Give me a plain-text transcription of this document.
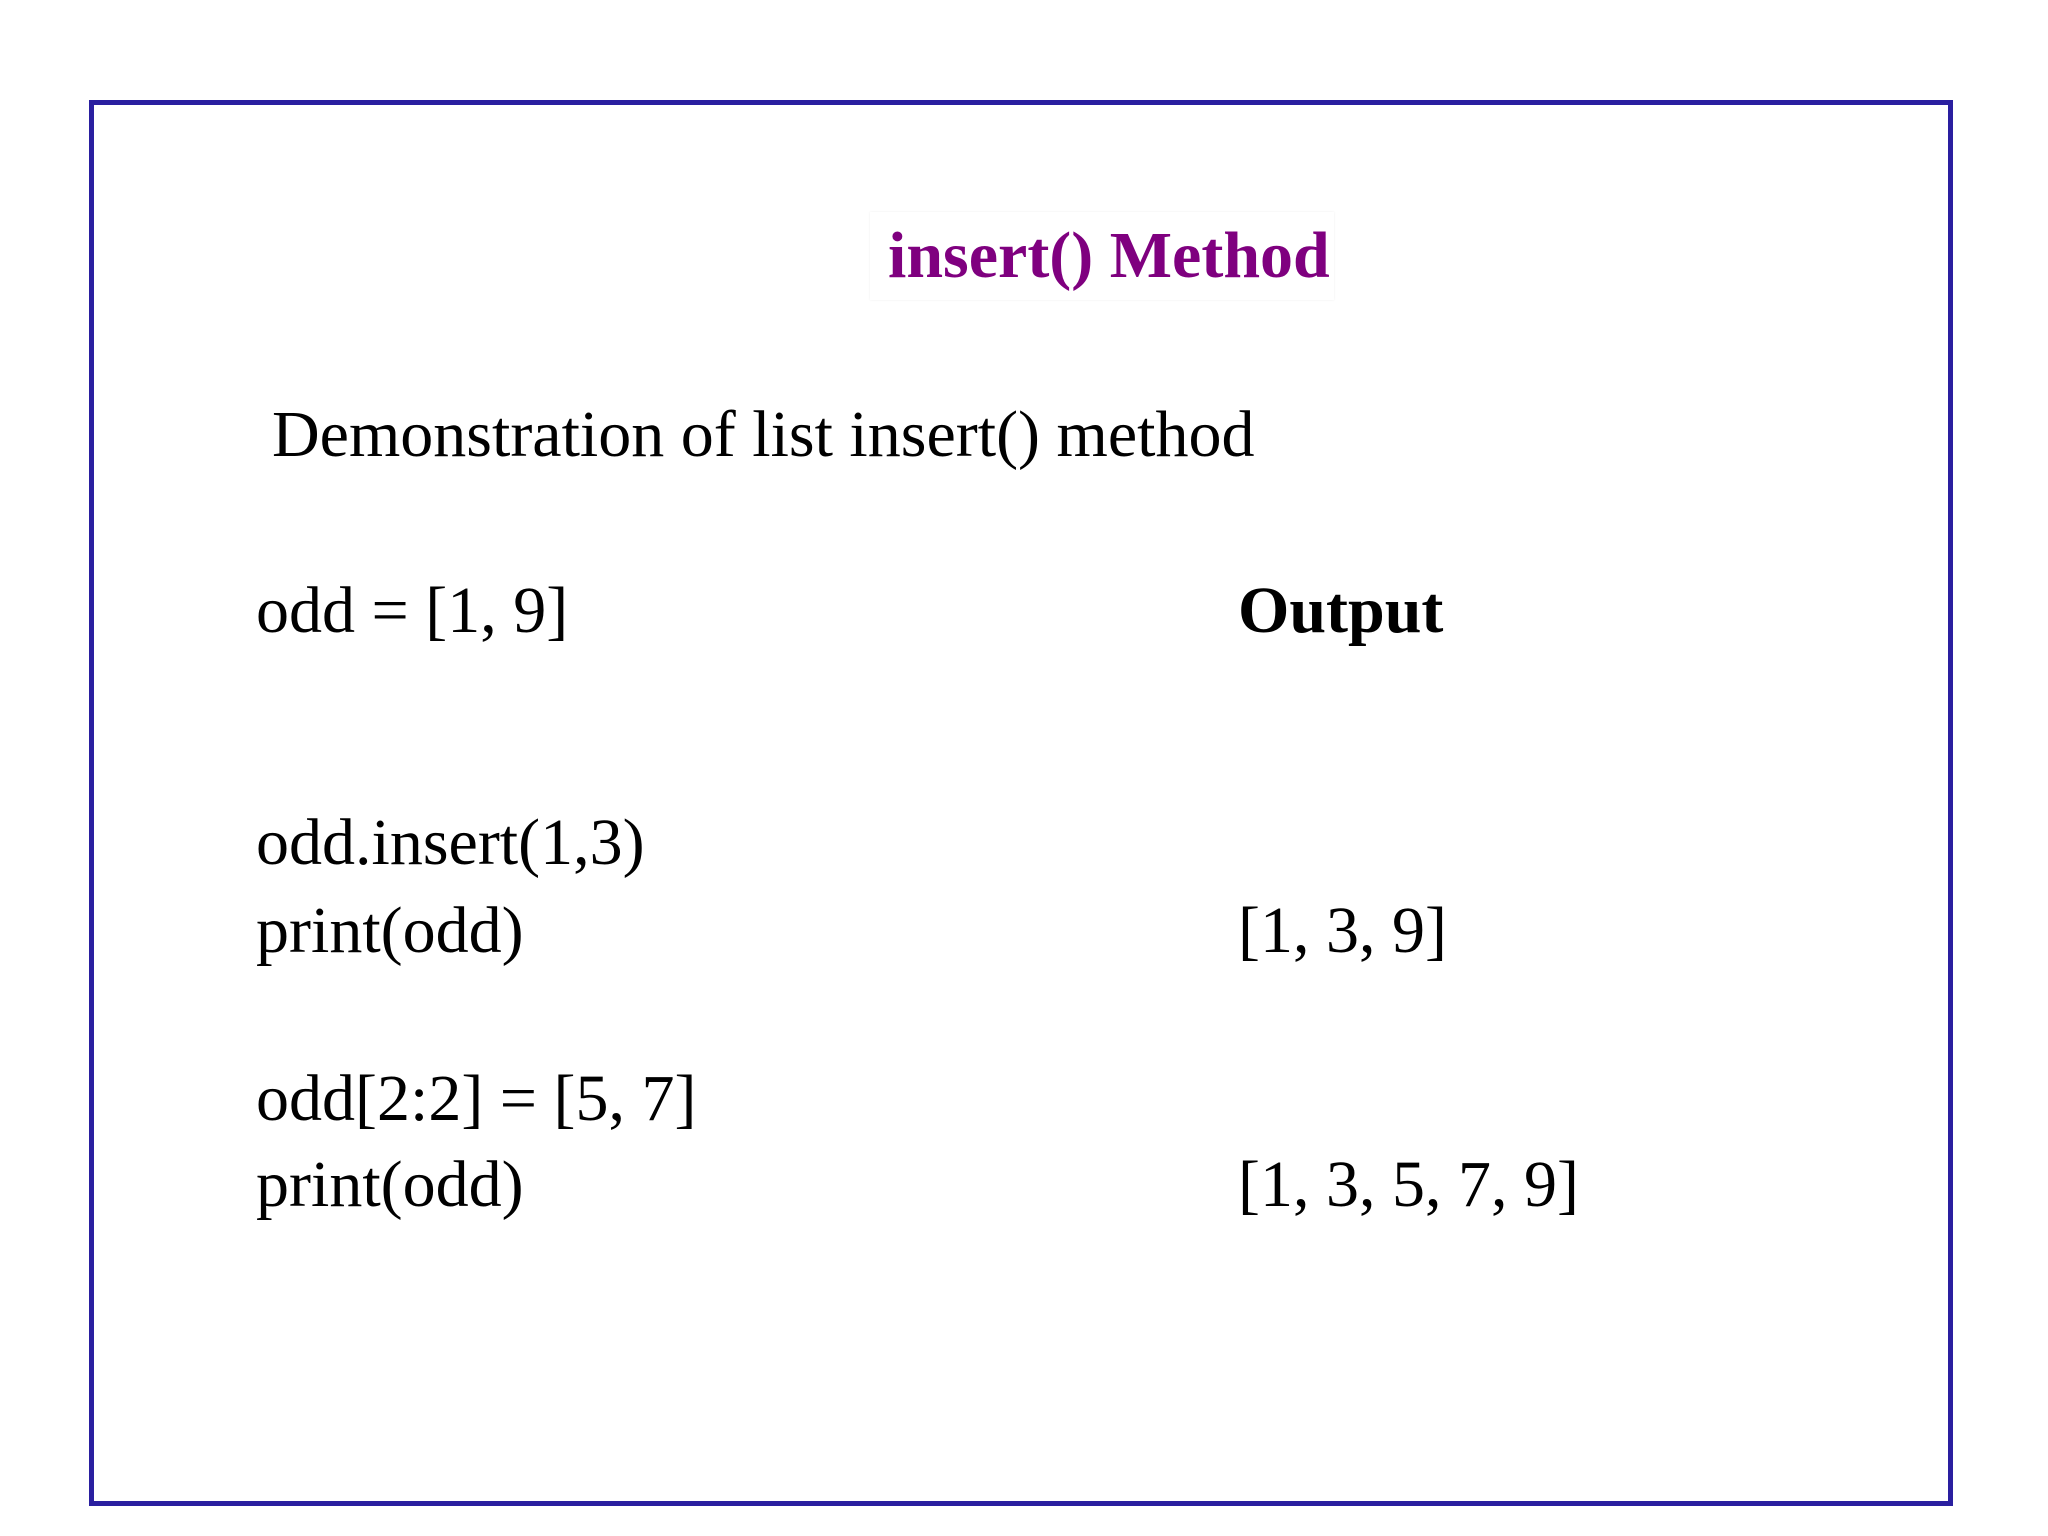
insert() Method
Demonstration of list insert() method
odd = [1, 9]	Output
odd.insert(1,3)
print(odd)	[1, 3, 9]
odd[2:2] = [5, 7]
print(odd)	[1, 3, 5, 7, 9]
